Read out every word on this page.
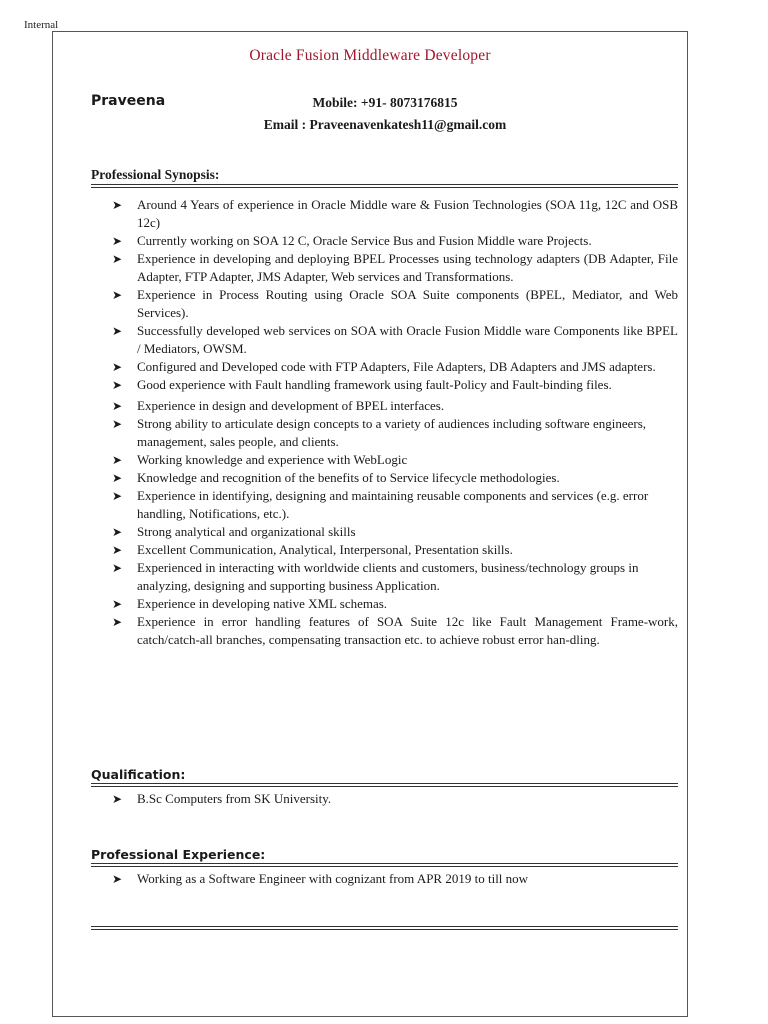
Internal
Oracle Fusion Middleware Developer
Praveena	Mobile: +91- 8073176815
Email : Praveenavenkatesh11@gmail.com
Professional Synopsis:
➤ Around 4 Years of experience in Oracle Middle ware & Fusion Technologies (SOA 11g, 12C and OSB 12c)
➤ Currently working on SOA 12 C, Oracle Service Bus and Fusion Middle ware Projects.
➤ Experience in developing and deploying BPEL Processes using technology adapters (DB Adapter, File Adapter, FTP Adapter, JMS Adapter, Web services and Transformations.
➤ Experience in Process Routing using Oracle SOA Suite components (BPEL, Mediator, and Web Services).
➤ Successfully developed web services on SOA with Oracle Fusion Middle ware Components like BPEL / Mediators, OWSM.
➤ Configured and Developed code with FTP Adapters, File Adapters, DB Adapters and JMS adapters.
➤ Good experience with Fault handling framework using fault-Policy and Fault-binding files.
➤ Experience in design and development of BPEL interfaces.
➤ Strong ability to articulate design concepts to a variety of audiences including software engineers, management, sales people, and clients.
➤ Working knowledge and experience with WebLogic
➤ Knowledge and recognition of the benefits of to Service lifecycle methodologies.
➤ Experience in identifying, designing and maintaining reusable components and services (e.g. error handling, Notifications, etc.).
➤ Strong analytical and organizational skills
➤ Excellent Communication, Analytical, Interpersonal, Presentation skills.
➤ Experienced in interacting with worldwide clients and customers, business/technology groups in analyzing, designing and supporting business Application.
➤ Experience in developing native XML schemas.
➤ Experience in error handling features of SOA Suite 12c like Fault Management Frame-work, catch/catch-all branches, compensating transaction etc. to achieve robust error han-dling.
Qualification:
➤ B.Sc Computers from SK University.
Professional Experience:
➤ Working as a Software Engineer with cognizant from APR 2019 to till now
